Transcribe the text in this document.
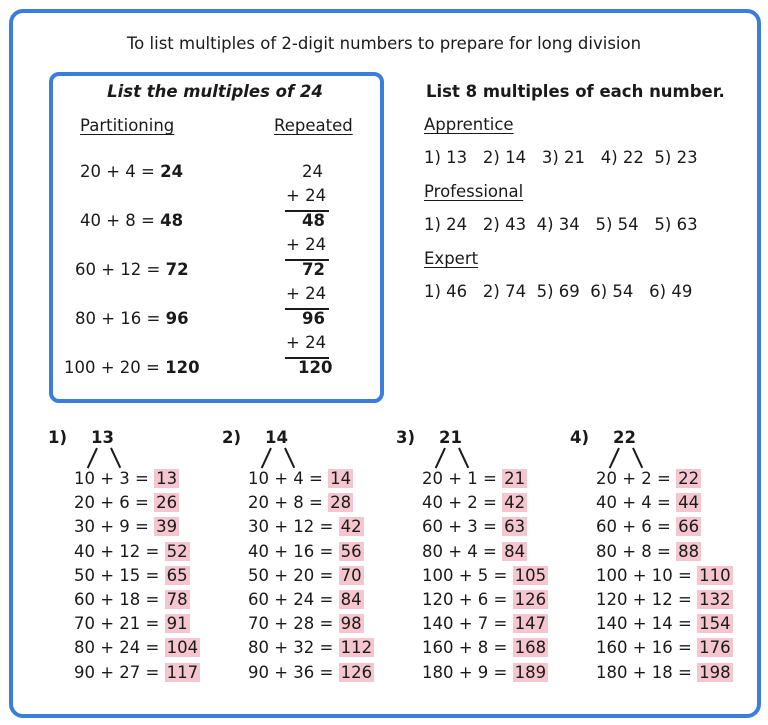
To list multiples of 2-digit numbers to prepare for long division
List the multiples of 24
Partitioning	Repeated
20 + 4 = 24
40 + 8 = 48
60 + 12 = 72
80 + 16 = 96
100 + 20 = 120
24
+ 24
48
+ 24
72
+ 24
96
+ 24
120
List 8 multiples of each number.
Apprentice
1) 13   2) 14   3) 21   4) 22  5) 23
Professional
1) 24   2) 43  4) 34   5) 54   5) 63
Expert
1) 46   2) 74  5) 69  6) 54   6) 49
1) 13
10 + 3 = 13
20 + 6 = 26
30 + 9 = 39
40 + 12 = 52
50 + 15 = 65
60 + 18 = 78
70 + 21 = 91
80 + 24 = 104
90 + 27 = 117
2) 14
10 + 4 = 14
20 + 8 = 28
30 + 12 = 42
40 + 16 = 56
50 + 20 = 70
60 + 24 = 84
70 + 28 = 98
80 + 32 = 112
90 + 36 = 126
3) 21
20 + 1 = 21
40 + 2 = 42
60 + 3 = 63
80 + 4 = 84
100 + 5 = 105
120 + 6 = 126
140 + 7 = 147
160 + 8 = 168
180 + 9 = 189
4) 22
20 + 2 = 22
40 + 4 = 44
60 + 6 = 66
80 + 8 = 88
100 + 10 = 110
120 + 12 = 132
140 + 14 = 154
160 + 16 = 176
180 + 18 = 198
